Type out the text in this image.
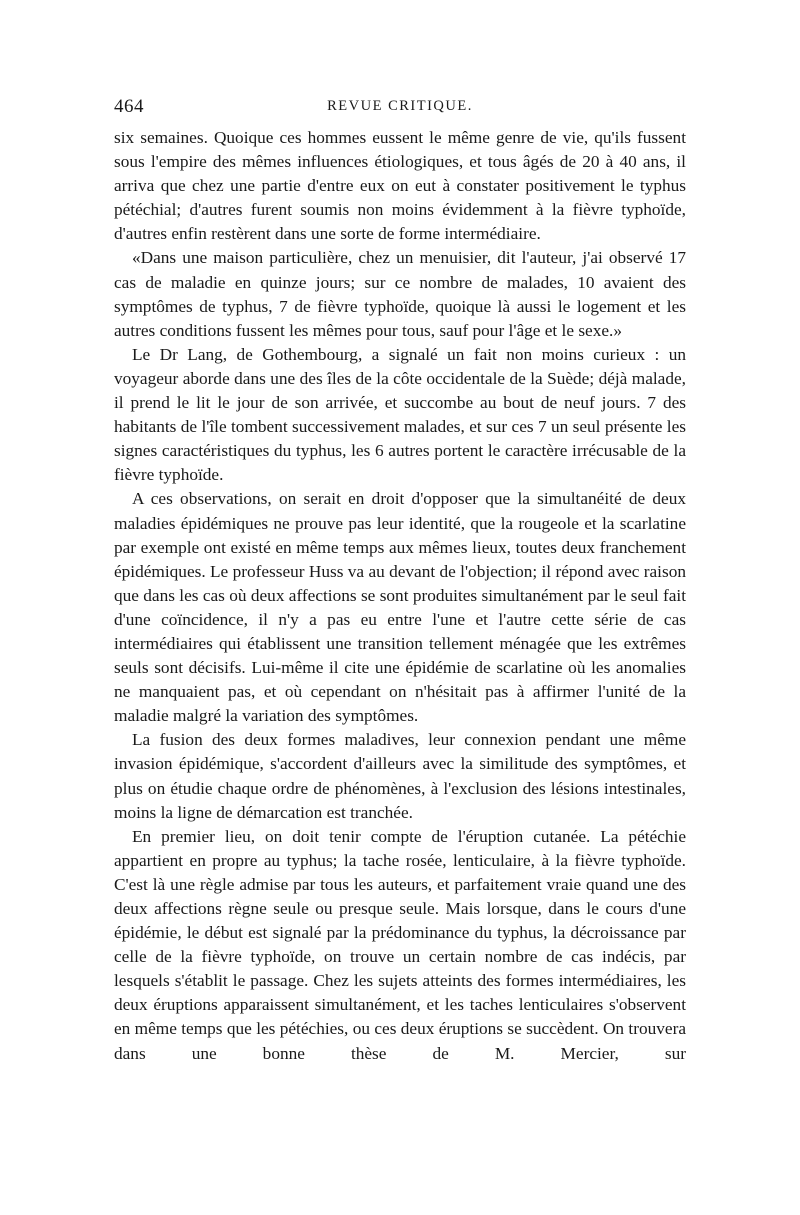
464	REVUE CRITIQUE.

six semaines. Quoique ces hommes eussent le même genre de vie, qu'ils fussent sous l'empire des mêmes influences étiologiques, et tous âgés de 20 à 40 ans, il arriva que chez une partie d'entre eux on eut à constater positivement le typhus pétéchial; d'autres furent soumis non moins évidemment à la fièvre typhoïde, d'autres enfin restèrent dans une sorte de forme intermédiaire.

«Dans une maison particulière, chez un menuisier, dit l'auteur, j'ai observé 17 cas de maladie en quinze jours; sur ce nombre de malades, 10 avaient des symptômes de typhus, 7 de fièvre typhoïde, quoique là aussi le logement et les autres conditions fussent les mêmes pour tous, sauf pour l'âge et le sexe.»

Le Dr Lang, de Gothembourg, a signalé un fait non moins curieux : un voyageur aborde dans une des îles de la côte occidentale de la Suède; déjà malade, il prend le lit le jour de son arrivée, et succombe au bout de neuf jours. 7 des habitants de l'île tombent successivement malades, et sur ces 7 un seul présente les signes caractéristiques du typhus, les 6 autres portent le caractère irrécusable de la fièvre typhoïde.

A ces observations, on serait en droit d'opposer que la simultanéité de deux maladies épidémiques ne prouve pas leur identité, que la rougeole et la scarlatine par exemple ont existé en même temps aux mêmes lieux, toutes deux franchement épidémiques. Le professeur Huss va au devant de l'objection; il répond avec raison que dans les cas où deux affections se sont produites simultanément par le seul fait d'une coïncidence, il n'y a pas eu entre l'une et l'autre cette série de cas intermédiaires qui établissent une transition tellement ménagée que les extrêmes seuls sont décisifs. Lui-même il cite une épidémie de scarlatine où les anomalies ne manquaient pas, et où cependant on n'hésitait pas à affirmer l'unité de la maladie malgré la variation des symptômes.

La fusion des deux formes maladives, leur connexion pendant une même invasion épidémique, s'accordent d'ailleurs avec la similitude des symptômes, et plus on étudie chaque ordre de phénomènes, à l'exclusion des lésions intestinales, moins la ligne de démarcation est tranchée.

En premier lieu, on doit tenir compte de l'éruption cutanée. La pétéchie appartient en propre au typhus; la tache rosée, lenticulaire, à la fièvre typhoïde. C'est là une règle admise par tous les auteurs, et parfaitement vraie quand une des deux affections règne seule ou presque seule. Mais lorsque, dans le cours d'une épidémie, le début est signalé par la prédominance du typhus, la décroissance par celle de la fièvre typhoïde, on trouve un certain nombre de cas indécis, par lesquels s'établit le passage. Chez les sujets atteints des formes intermédiaires, les deux éruptions apparaissent simultanément, et les taches lenticulaires s'observent en même temps que les pétéchies, ou ces deux éruptions se succèdent. On trouvera dans une bonne thèse de M. Mercier, sur
